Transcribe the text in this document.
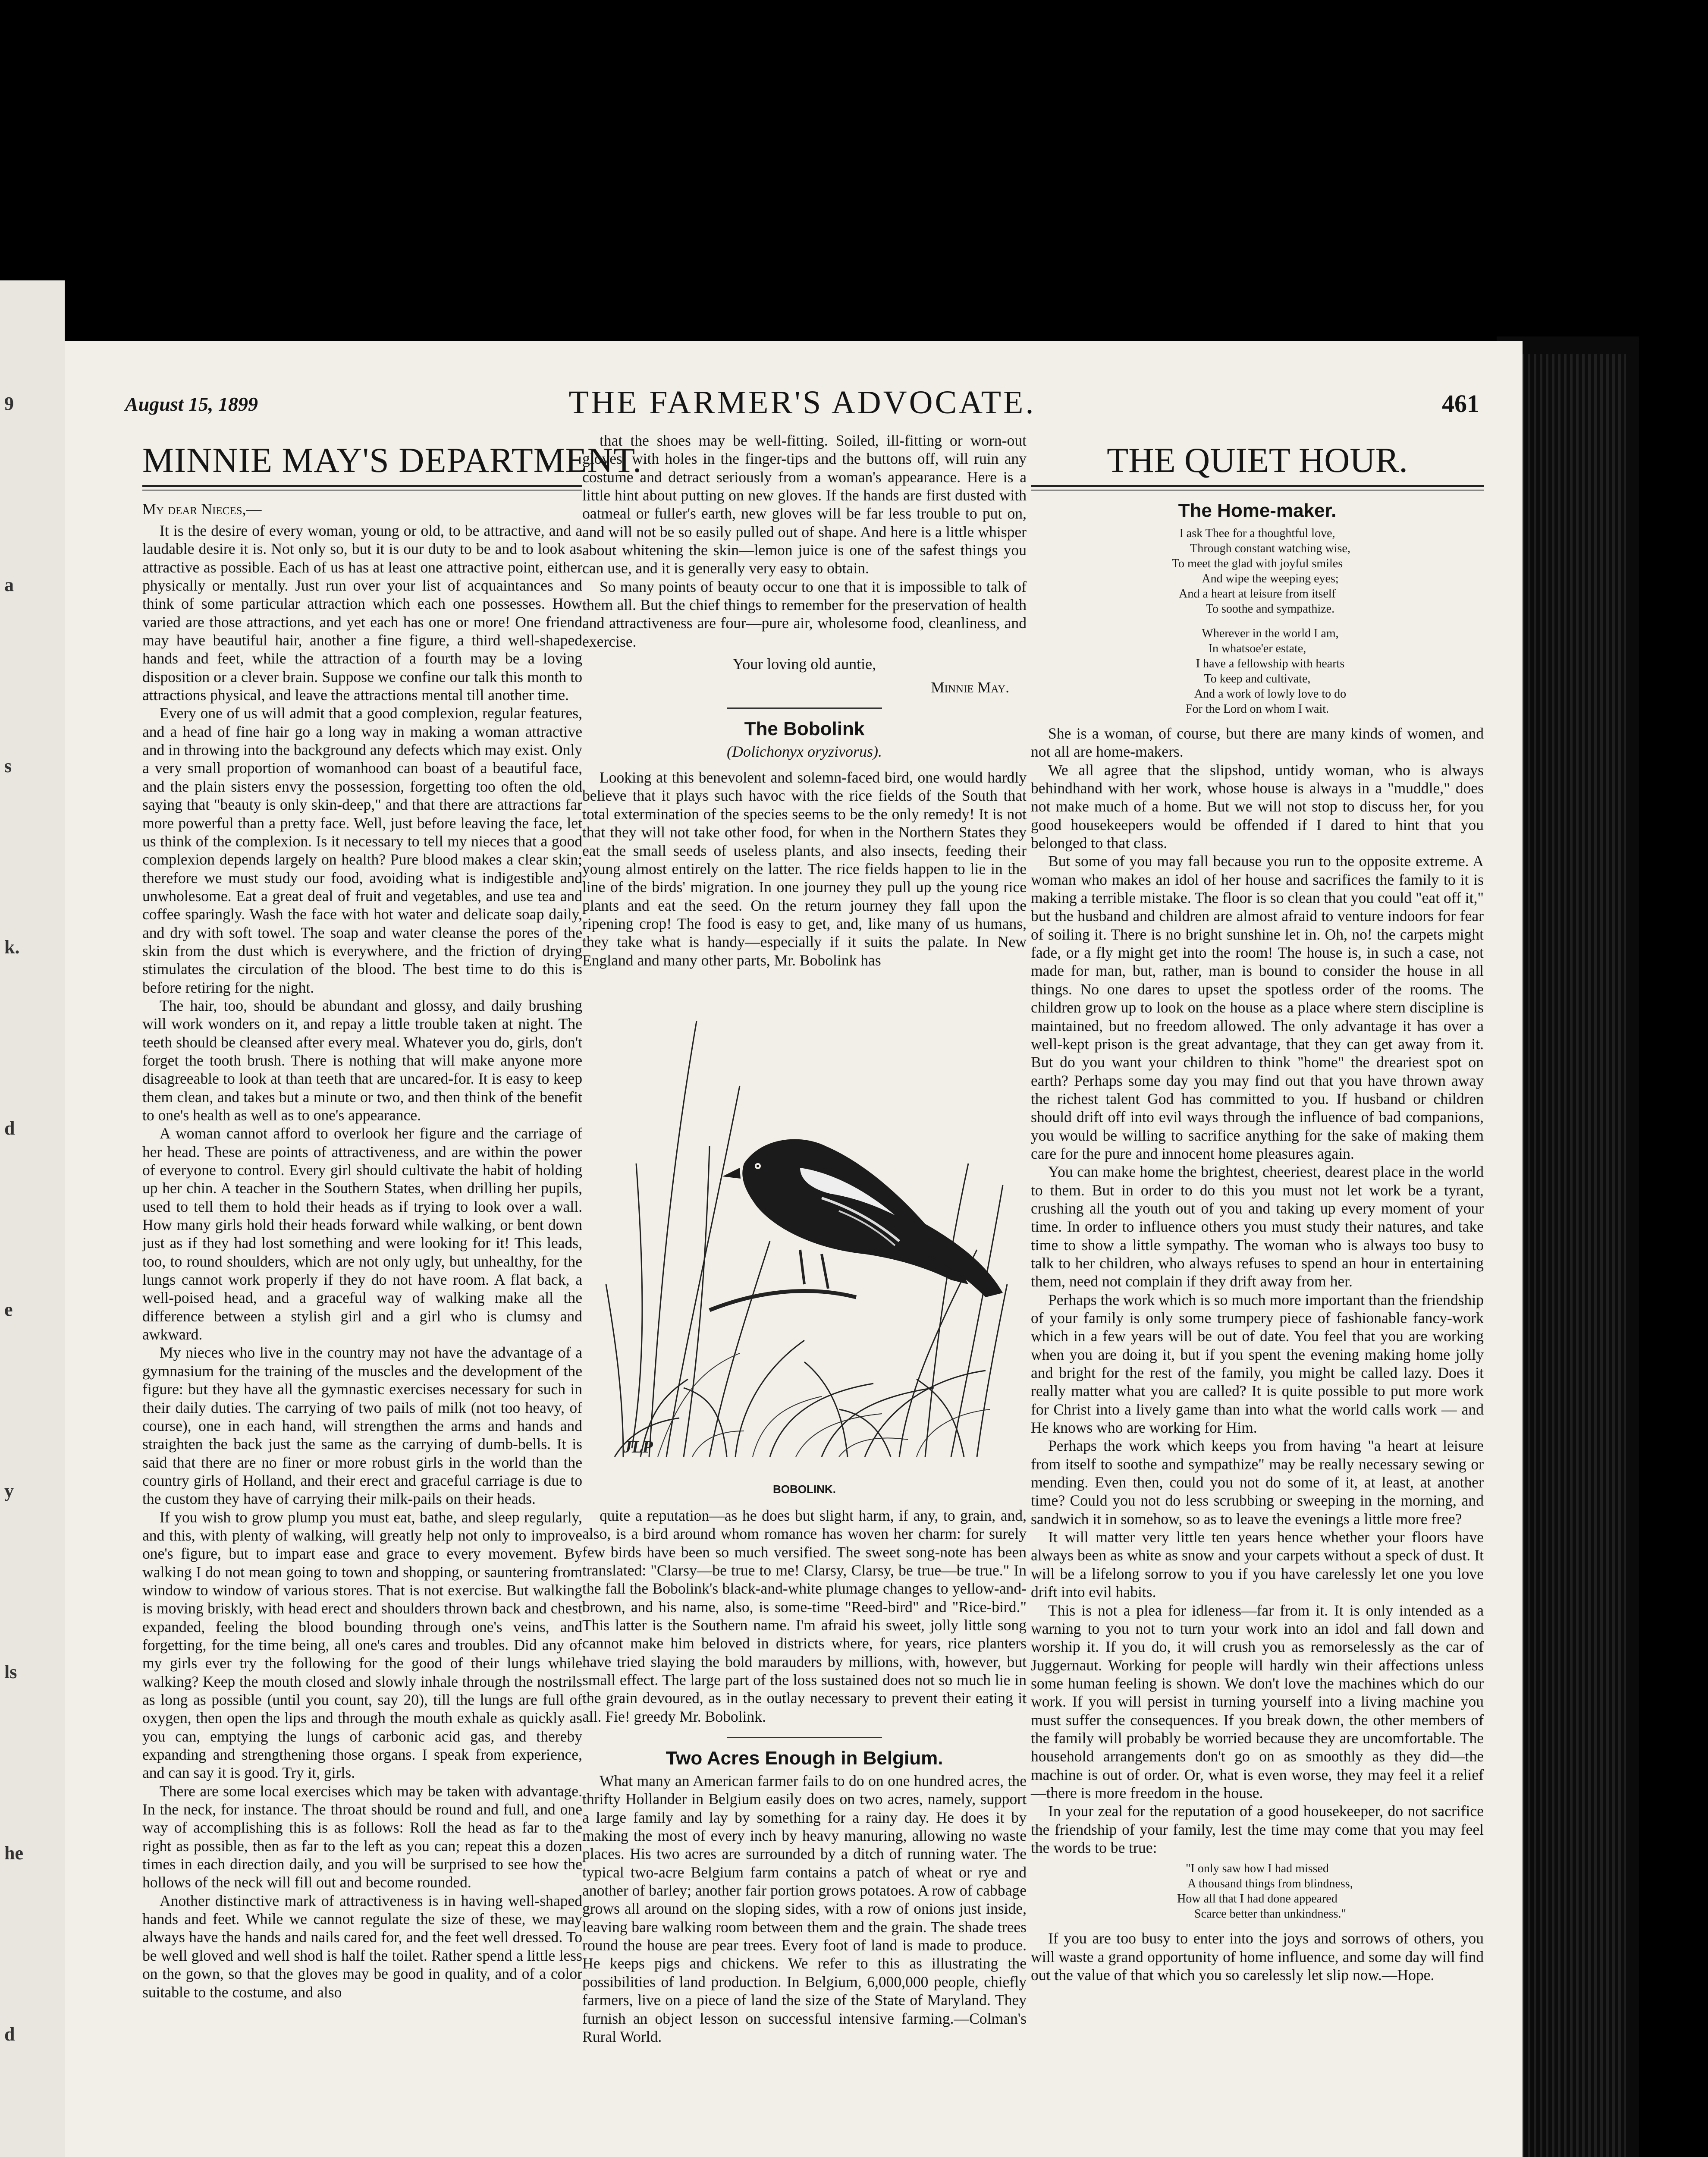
9
a
s
k.
d
e
y
ls
he
d
August 15, 1899	THE FARMER'S ADVOCATE.	461
MINNIE MAY'S DEPARTMENT.
My dear Nieces,—

It is the desire of every woman, young or old, to be attractive, and a laudable desire it is. Not only so, but it is our duty to be and to look as attractive as possible. Each of us has at least one attractive point, either physically or mentally. Just run over your list of acquaintances and think of some particular attraction which each one possesses. How varied are those attractions, and yet each has one or more! One friend may have beautiful hair, another a fine figure, a third well-shaped hands and feet, while the attraction of a fourth may be a loving disposition or a clever brain. Suppose we confine our talk this month to attractions physical, and leave the attractions mental till another time.

Every one of us will admit that a good complexion, regular features, and a head of fine hair go a long way in making a woman attractive and in throwing into the background any defects which may exist. Only a very small proportion of womanhood can boast of a beautiful face, and the plain sisters envy the possession, forgetting too often the old saying that "beauty is only skin-deep," and that there are attractions far more powerful than a pretty face. Well, just before leaving the face, let us think of the complexion. Is it necessary to tell my nieces that a good complexion depends largely on health? Pure blood makes a clear skin; therefore we must study our food, avoiding what is indigestible and unwholesome. Eat a great deal of fruit and vegetables, and use tea and coffee sparingly. Wash the face with hot water and delicate soap daily, and dry with soft towel. The soap and water cleanse the pores of the skin from the dust which is everywhere, and the friction of drying stimulates the circulation of the blood. The best time to do this is before retiring for the night.

The hair, too, should be abundant and glossy, and daily brushing will work wonders on it, and repay a little trouble taken at night. The teeth should be cleansed after every meal. Whatever you do, girls, don't forget the tooth brush. There is nothing that will make anyone more disagreeable to look at than teeth that are uncared-for. It is easy to keep them clean, and takes but a minute or two, and then think of the benefit to one's health as well as to one's appearance.

A woman cannot afford to overlook her figure and the carriage of her head. These are points of attractiveness, and are within the power of everyone to control. Every girl should cultivate the habit of holding up her chin. A teacher in the Southern States, when drilling her pupils, used to tell them to hold their heads as if trying to look over a wall. How many girls hold their heads forward while walking, or bent down just as if they had lost something and were looking for it! This leads, too, to round shoulders, which are not only ugly, but unhealthy, for the lungs cannot work properly if they do not have room. A flat back, a well-poised head, and a graceful way of walking make all the difference between a stylish girl and a girl who is clumsy and awkward.

My nieces who live in the country may not have the advantage of a gymnasium for the training of the muscles and the development of the figure: but they have all the gymnastic exercises necessary for such in their daily duties. The carrying of two pails of milk (not too heavy, of course), one in each hand, will strengthen the arms and hands and straighten the back just the same as the carrying of dumb-bells. It is said that there are no finer or more robust girls in the world than the country girls of Holland, and their erect and graceful carriage is due to the custom they have of carrying their milk-pails on their heads.

If you wish to grow plump you must eat, bathe, and sleep regularly, and this, with plenty of walking, will greatly help not only to improve one's figure, but to impart ease and grace to every movement. By walking I do not mean going to town and shopping, or sauntering from window to window of various stores. That is not exercise. But walking is moving briskly, with head erect and shoulders thrown back and chest expanded, feeling the blood bounding through one's veins, and forgetting, for the time being, all one's cares and troubles. Did any of my girls ever try the following for the good of their lungs while walking? Keep the mouth closed and slowly inhale through the nostrils as long as possible (until you count, say 20), till the lungs are full of oxygen, then open the lips and through the mouth exhale as quickly as you can, emptying the lungs of carbonic acid gas, and thereby expanding and strengthening those organs. I speak from experience, and can say it is good. Try it, girls.

There are some local exercises which may be taken with advantage. In the neck, for instance. The throat should be round and full, and one way of accomplishing this is as follows: Roll the head as far to the right as possible, then as far to the left as you can; repeat this a dozen times in each direction daily, and you will be surprised to see how the hollows of the neck will fill out and become rounded.

Another distinctive mark of attractiveness is in having well-shaped hands and feet. While we cannot regulate the size of these, we may always have the hands and nails cared for, and the feet well dressed. To be well gloved and well shod is half the toilet. Rather spend a little less on the gown, so that the gloves may be good in quality, and of a color suitable to the costume, and also

that the shoes may be well-fitting. Soiled, ill-fitting or worn-out gloves, with holes in the finger-tips and the buttons off, will ruin any costume and detract seriously from a woman's appearance. Here is a little hint about putting on new gloves. If the hands are first dusted with oatmeal or fuller's earth, new gloves will be far less trouble to put on, and will not be so easily pulled out of shape. And here is a little whisper about whitening the skin—lemon juice is one of the safest things you can use, and it is generally very easy to obtain.

So many points of beauty occur to one that it is impossible to talk of them all. But the chief things to remember for the preservation of health and attractiveness are four—pure air, wholesome food, cleanliness, and exercise.

Your loving old auntie,
Minnie May.
The Bobolink
(Dolichonyx oryzivorus).

Looking at this benevolent and solemn-faced bird, one would hardly believe that it plays such havoc with the rice fields of the South that total extermination of the species seems to be the only remedy! It is not that they will not take other food, for when in the Northern States they eat the small seeds of useless plants, and also insects, feeding their young almost entirely on the latter. The rice fields happen to lie in the line of the birds' migration. In one journey they pull up the young rice plants and eat the seed. On the return journey they fall upon the ripening crop! The food is easy to get, and, like many of us humans, they take what is handy—especially if it suits the palate. In New England and many other parts, Mr. Bobolink has

JLP
BOBOLINK.

quite a reputation—as he does but slight harm, if any, to grain, and, also, is a bird around whom romance has woven her charm: for surely few birds have been so much versified. The sweet song-note has been translated: "Clarsy—be true to me! Clarsy, Clarsy, be true—be true." In the fall the Bobolink's black-and-white plumage changes to yellow-and-brown, and his name, also, is some-time "Reed-bird" and "Rice-bird." This latter is the Southern name. I'm afraid his sweet, jolly little song cannot make him beloved in districts where, for years, rice planters have tried slaying the bold marauders by millions, with, however, but small effect. The large part of the loss sustained does not so much lie in the grain devoured, as in the outlay necessary to prevent their eating it all. Fie! greedy Mr. Bobolink.

Two Acres Enough in Belgium.

What many an American farmer fails to do on one hundred acres, the thrifty Hollander in Belgium easily does on two acres, namely, support a large family and lay by something for a rainy day. He does it by making the most of every inch by heavy manuring, allowing no waste places. His two acres are surrounded by a ditch of running water. The typical two-acre Belgium farm contains a patch of wheat or rye and another of barley; another fair portion grows potatoes. A row of cabbage grows all around on the sloping sides, with a row of onions just inside, leaving bare walking room between them and the grain. The shade trees round the house are pear trees. Every foot of land is made to produce. He keeps pigs and chickens. We refer to this as illustrating the possibilities of land production. In Belgium, 6,000,000 people, chiefly farmers, live on a piece of land the size of the State of Maryland. They furnish an object lesson on successful intensive farming.—Colman's Rural World.

THE QUIET HOUR.
The Home-maker.
I ask Thee for a thoughtful love,
Through constant watching wise,
To meet the glad with joyful smiles
And wipe the weeping eyes;
And a heart at leisure from itself
To soothe and sympathize.
Wherever in the world I am,
In whatsoe'er estate,
I have a fellowship with hearts
To keep and cultivate,
And a work of lowly love to do
For the Lord on whom I wait.

She is a woman, of course, but there are many kinds of women, and not all are home-makers.

We all agree that the slipshod, untidy woman, who is always behindhand with her work, whose house is always in a "muddle," does not make much of a home. But we will not stop to discuss her, for you good housekeepers would be offended if I dared to hint that you belonged to that class.

But some of you may fall because you run to the opposite extreme. A woman who makes an idol of her house and sacrifices the family to it is making a terrible mistake. The floor is so clean that you could "eat off it," but the husband and children are almost afraid to venture indoors for fear of soiling it. There is no bright sunshine let in. Oh, no! the carpets might fade, or a fly might get into the room! The house is, in such a case, not made for man, but, rather, man is bound to consider the house in all things. No one dares to upset the spotless order of the rooms. The children grow up to look on the house as a place where stern discipline is maintained, but no freedom allowed. The only advantage it has over a well-kept prison is the great advantage, that they can get away from it. But do you want your children to think "home" the dreariest spot on earth? Perhaps some day you may find out that you have thrown away the richest talent God has committed to you. If husband or children should drift off into evil ways through the influence of bad companions, you would be willing to sacrifice anything for the sake of making them care for the pure and innocent home pleasures again.

You can make home the brightest, cheeriest, dearest place in the world to them. But in order to do this you must not let work be a tyrant, crushing all the youth out of you and taking up every moment of your time. In order to influence others you must study their natures, and take time to show a little sympathy. The woman who is always too busy to talk to her children, who always refuses to spend an hour in entertaining them, need not complain if they drift away from her.

Perhaps the work which is so much more important than the friendship of your family is only some trumpery piece of fashionable fancy-work which in a few years will be out of date. You feel that you are working when you are doing it, but if you spent the evening making home jolly and bright for the rest of the family, you might be called lazy. Does it really matter what you are called? It is quite possible to put more work for Christ into a lively game than into what the world calls work — and He knows who are working for Him.

Perhaps the work which keeps you from having "a heart at leisure from itself to soothe and sympathize" may be really necessary sewing or mending. Even then, could you not do some of it, at least, at another time? Could you not do less scrubbing or sweeping in the morning, and sandwich it in somehow, so as to leave the evenings a little more free?

It will matter very little ten years hence whether your floors have always been as white as snow and your carpets without a speck of dust. It will be a lifelong sorrow to you if you have carelessly let one you love drift into evil habits.

This is not a plea for idleness—far from it. It is only intended as a warning to you not to turn your work into an idol and fall down and worship it. If you do, it will crush you as remorselessly as the car of Juggernaut. Working for people will hardly win their affections unless some human feeling is shown. We don't love the machines which do our work. If you will persist in turning yourself into a living machine you must suffer the consequences. If you break down, the other members of the family will probably be worried because they are uncomfortable. The household arrangements don't go on as smoothly as they did—the machine is out of order. Or, what is even worse, they may feel it a relief—there is more freedom in the house.

In your zeal for the reputation of a good housekeeper, do not sacrifice the friendship of your family, lest the time may come that you may feel the words to be true:

"I only saw how I had missed
A thousand things from blindness,
How all that I had done appeared
Scarce better than unkindness."

If you are too busy to enter into the joys and sorrows of others, you will waste a grand opportunity of home influence, and some day will find out the value of that which you so carelessly let slip now.—Hope.
